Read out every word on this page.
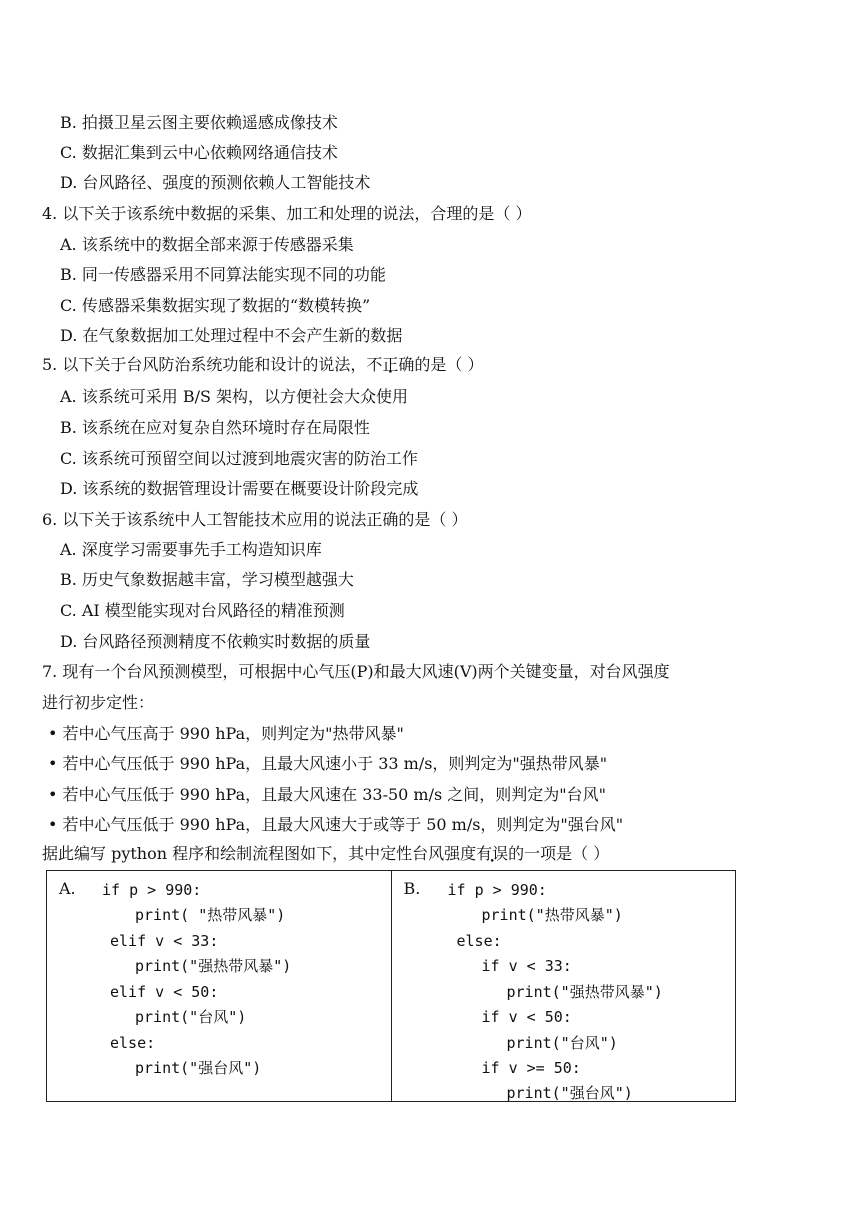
B. 拍摄卫星云图主要依赖遥感成像技术
C. 数据汇集到云中心依赖网络通信技术
D. 台风路径、强度的预测依赖人工智能技术
4. 以下关于该系统中数据的采集、加工和处理的说法，合理的是（ ）
A. 该系统中的数据全部来源于传感器采集
B. 同一传感器采用不同算法能实现不同的功能
C. 传感器采集数据实现了数据的“数模转换”
D. 在气象数据加工处理过程中不会产生新的数据
5. 以下关于台风防治系统功能和设计的说法，不正确的是（ ）
A. 该系统可采用 B/S 架构，以方便社会大众使用
B. 该系统在应对复杂自然环境时存在局限性
C. 该系统可预留空间以过渡到地震灾害的防治工作
D. 该系统的数据管理设计需要在概要设计阶段完成
6. 以下关于该系统中人工智能技术应用的说法正确的是（ ）
A. 深度学习需要事先手工构造知识库
B. 历史气象数据越丰富，学习模型越强大
C. AI 模型能实现对台风路径的精准预测
D. 台风路径预测精度不依赖实时数据的质量
7. 现有一个台风预测模型，可根据中心气压(P)和最大风速(V)两个关键变量，对台风强度
进行初步定性：
• 若中心气压高于 990 hPa，则判定为"热带风暴"
• 若中心气压低于 990 hPa，且最大风速小于 33 m/s，则判定为"强热带风暴"
• 若中心气压低于 990 hPa，且最大风速在 33-50 m/s 之间，则判定为"台风"
• 若中心气压低于 990 hPa，且最大风速大于或等于 50 m/s，则判定为"强台风"
据此编写 python 程序和绘制流程图如下，其中定性台风强度有误的一项是（ ）
A. if p > 990:
print( "热带风暴")
elif v < 33:
print("强热带风暴")
elif v < 50:
print("台风")
else:
print("强台风")

B. if p > 990:
print("热带风暴")
else:
if v < 33:
print("强热带风暴")
if v < 50:
print("台风")
if v >= 50:
print("强台风")
